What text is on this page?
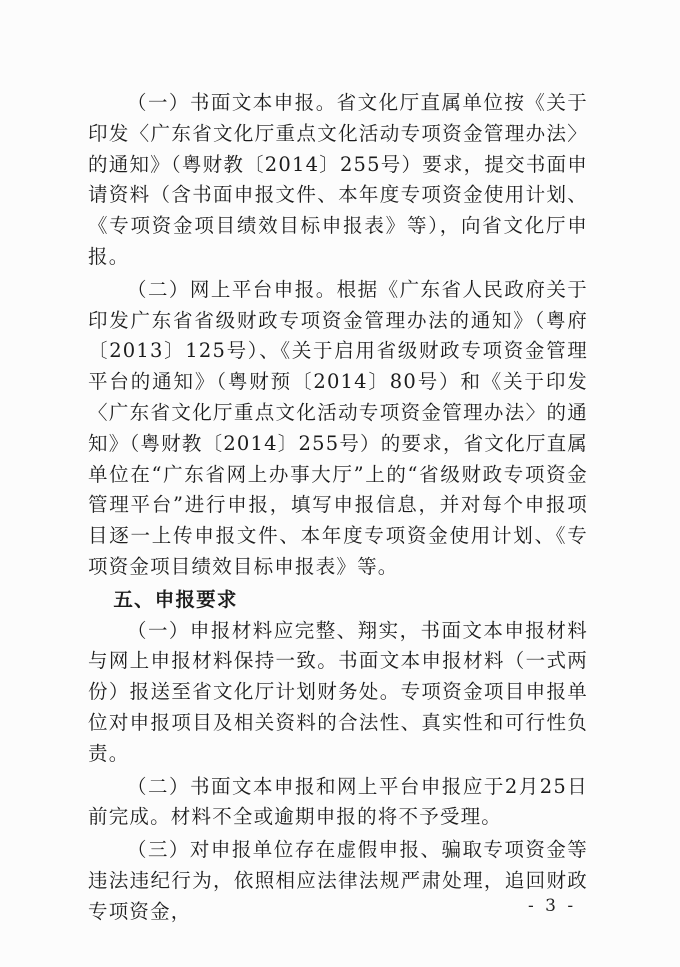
（一）书面文本申报。省文化厅直属单位按《关于印发〈广东省文化厅重点文化活动专项资金管理办法〉的通知》（粤财教〔2014〕255号）要求，提交书面申请资料（含书面申报文件、本年度专项资金使用计划、《专项资金项目绩效目标申报表》等），向省文化厅申报。

（二）网上平台申报。根据《广东省人民政府关于印发广东省省级财政专项资金管理办法的通知》（粤府〔2013〕125号）、《关于启用省级财政专项资金管理平台的通知》（粤财预〔2014〕80号）和《关于印发〈广东省文化厅重点文化活动专项资金管理办法〉的通知》（粤财教〔2014〕255号）的要求，省文化厅直属单位在“广东省网上办事大厅”上的“省级财政专项资金管理平台”进行申报，填写申报信息，并对每个申报项目逐一上传申报文件、本年度专项资金使用计划、《专项资金项目绩效目标申报表》等。

五、申报要求

（一）申报材料应完整、翔实，书面文本申报材料与网上申报材料保持一致。书面文本申报材料（一式两份）报送至省文化厅计划财务处。专项资金项目申报单位对申报项目及相关资料的合法性、真实性和可行性负责。

（二）书面文本申报和网上平台申报应于2月25日前完成。材料不全或逾期申报的将不予受理。

（三）对申报单位存在虚假申报、骗取专项资金等违法违纪行为，依照相应法律法规严肃处理，追回财政专项资金，	- 3 -
